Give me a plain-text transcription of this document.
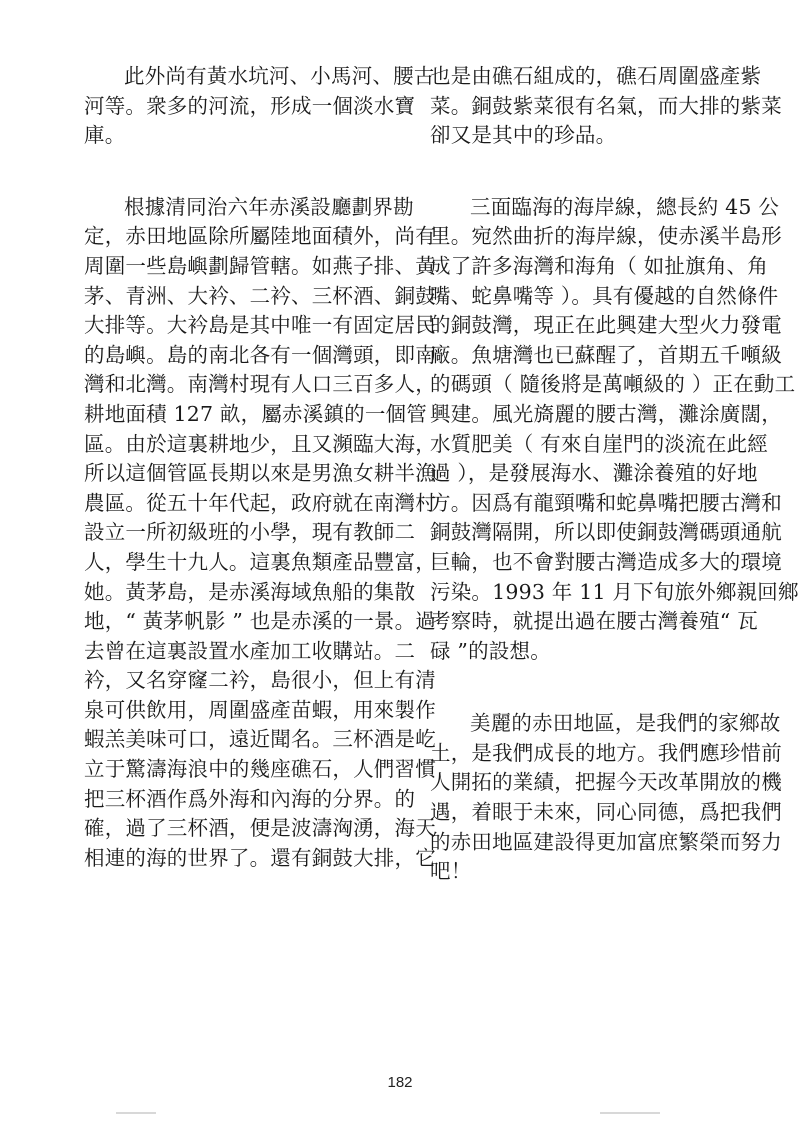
此外尚有黃水坑河、小馬河、腰古
河等。衆多的河流，形成一個淡水寶
庫。
根據清同治六年赤溪設廳劃界勘
定，赤田地區除所屬陸地面積外，尚有
周圍一些島嶼劃歸管轄。如燕子排、黃
茅、青洲、大衿、二衿、三杯酒、銅鼓
大排等。大衿島是其中唯一有固定居民
的島嶼。島的南北各有一個灣頭，即南
灣和北灣。南灣村現有人口三百多人，
耕地面積 127 畝，屬赤溪鎮的一個管
區。由於這裏耕地少，且又瀕臨大海，
所以這個管區長期以來是男漁女耕半漁
農區。從五十年代起，政府就在南灣村
設立一所初級班的小學，現有教師二
人，學生十九人。這裏魚類產品豐富，
她。黃茅島，是赤溪海域魚船的集散
地，“ 黃茅帆影 ” 也是赤溪的一景。過
去曾在這裏設置水產加工收購站。二
衿，又名穿窿二衿，島很小，但上有清
泉可供飲用，周圍盛產苗蝦，用來製作
蝦羔美味可口，遠近聞名。三杯酒是屹
立于驚濤海浪中的幾座礁石，人們習慣
把三杯酒作爲外海和內海的分界。的
確，過了三杯酒，便是波濤洶湧，海天
相連的海的世界了。還有銅鼓大排，它
也是由礁石組成的，礁石周圍盛產紫
菜。銅鼓紫菜很有名氣，而大排的紫菜
卻又是其中的珍品。
三面臨海的海岸線，總長約 45 公
里。宛然曲折的海岸線，使赤溪半島形
成了許多海灣和海角（ 如扯旗角、角
嘴、蛇鼻嘴等 ）。具有優越的自然條件
的銅鼓灣，現正在此興建大型火力發電
廠。魚塘灣也已蘇醒了，首期五千噸級
的碼頭（ 隨後將是萬噸級的 ）正在動工
興建。風光旖麗的腰古灣，灘涂廣闊，
水質肥美（ 有來自崖門的淡流在此經
過 ），是發展海水、灘涂養殖的好地
方。因爲有龍頸嘴和蛇鼻嘴把腰古灣和
銅鼓灣隔開，所以即使銅鼓灣碼頭通航
巨輪，也不會對腰古灣造成多大的環境
污染。1993 年 11 月下旬旅外鄉親回鄉
考察時，就提出過在腰古灣養殖“ 瓦
碌 ”的設想。
美麗的赤田地區，是我們的家鄉故
土，是我們成長的地方。我們應珍惜前
人開拓的業績，把握今天改革開放的機
遇，着眼于未來，同心同德，爲把我們
的赤田地區建設得更加富庶繁榮而努力
吧！
182
